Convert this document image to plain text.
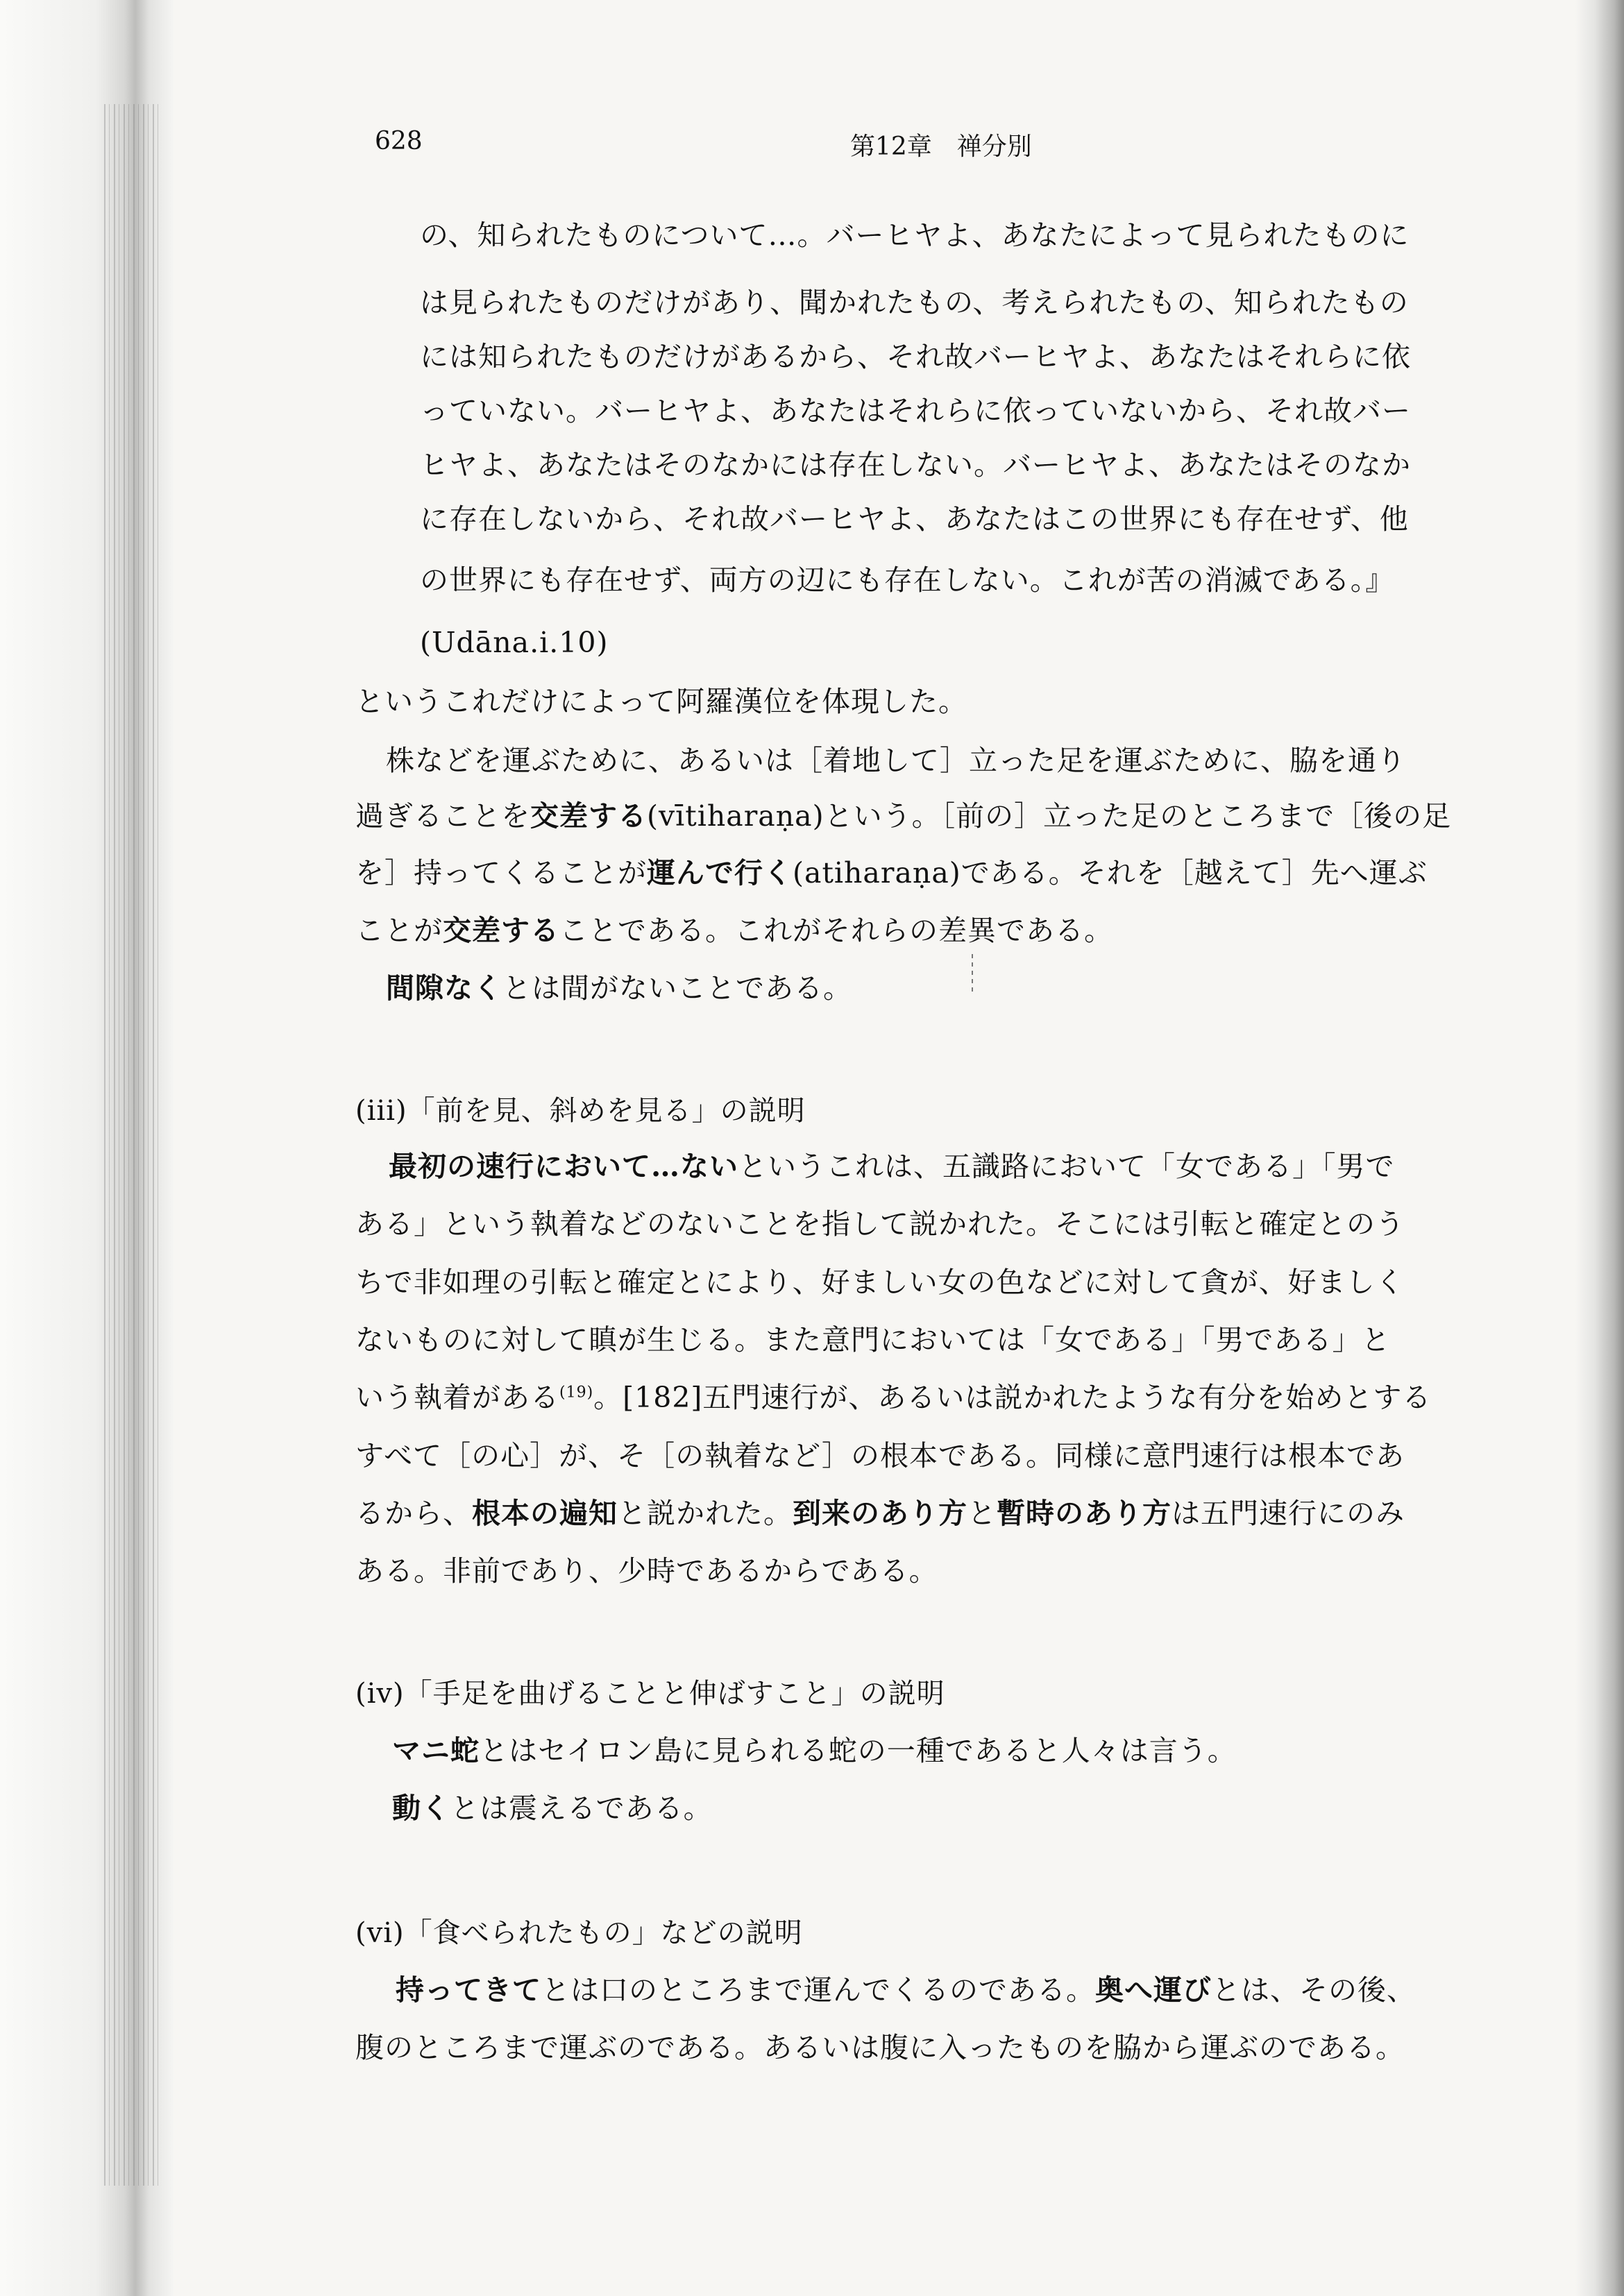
628	第12章　禅分別
の、知られたものについて…。バーヒヤよ、あなたによって見られたものに
は見られたものだけがあり、聞かれたもの、考えられたもの、知られたもの
には知られたものだけがあるから、それ故バーヒヤよ、あなたはそれらに依
っていない。バーヒヤよ、あなたはそれらに依っていないから、それ故バー
ヒヤよ、あなたはそのなかには存在しない。バーヒヤよ、あなたはそのなか
に存在しないから、それ故バーヒヤよ、あなたはこの世界にも存在せず、他
の世界にも存在せず、両方の辺にも存在しない。これが苦の消滅である。』
(Udāna.i.10)
というこれだけによって阿羅漢位を体現した。
株などを運ぶために、あるいは［着地して］立った足を運ぶために、脇を通り
過ぎることを交差する(vītiharaṇa)という。［前の］立った足のところまで［後の足
を］持ってくることが運んで行く(atiharaṇa)である。それを［越えて］先へ運ぶ
ことが交差することである。これがそれらの差異である。
間隙なくとは間がないことである。
(iii)「前を見、斜めを見る」の説明
最初の速行において…ないというこれは、五識路において「女である」「男で
ある」という執着などのないことを指して説かれた。そこには引転と確定とのう
ちで非如理の引転と確定とにより、好ましい女の色などに対して貪が、好ましく
ないものに対して瞋が生じる。また意門においては「女である」「男である」と
いう執着がある$^{(19)}$。[182]五門速行が、あるいは説かれたような有分を始めとする
すべて［の心］が、そ［の執着など］の根本である。同様に意門速行は根本であ
るから、根本の遍知と説かれた。到来のあり方と暫時のあり方は五門速行にのみ
ある。非前であり、少時であるからである。
(iv)「手足を曲げることと伸ばすこと」の説明
マニ蛇とはセイロン島に見られる蛇の一種であると人々は言う。
動くとは震えるである。
(vi)「食べられたもの」などの説明
持ってきてとは口のところまで運んでくるのである。奥へ運びとは、その後、
腹のところまで運ぶのである。あるいは腹に入ったものを脇から運ぶのである。
